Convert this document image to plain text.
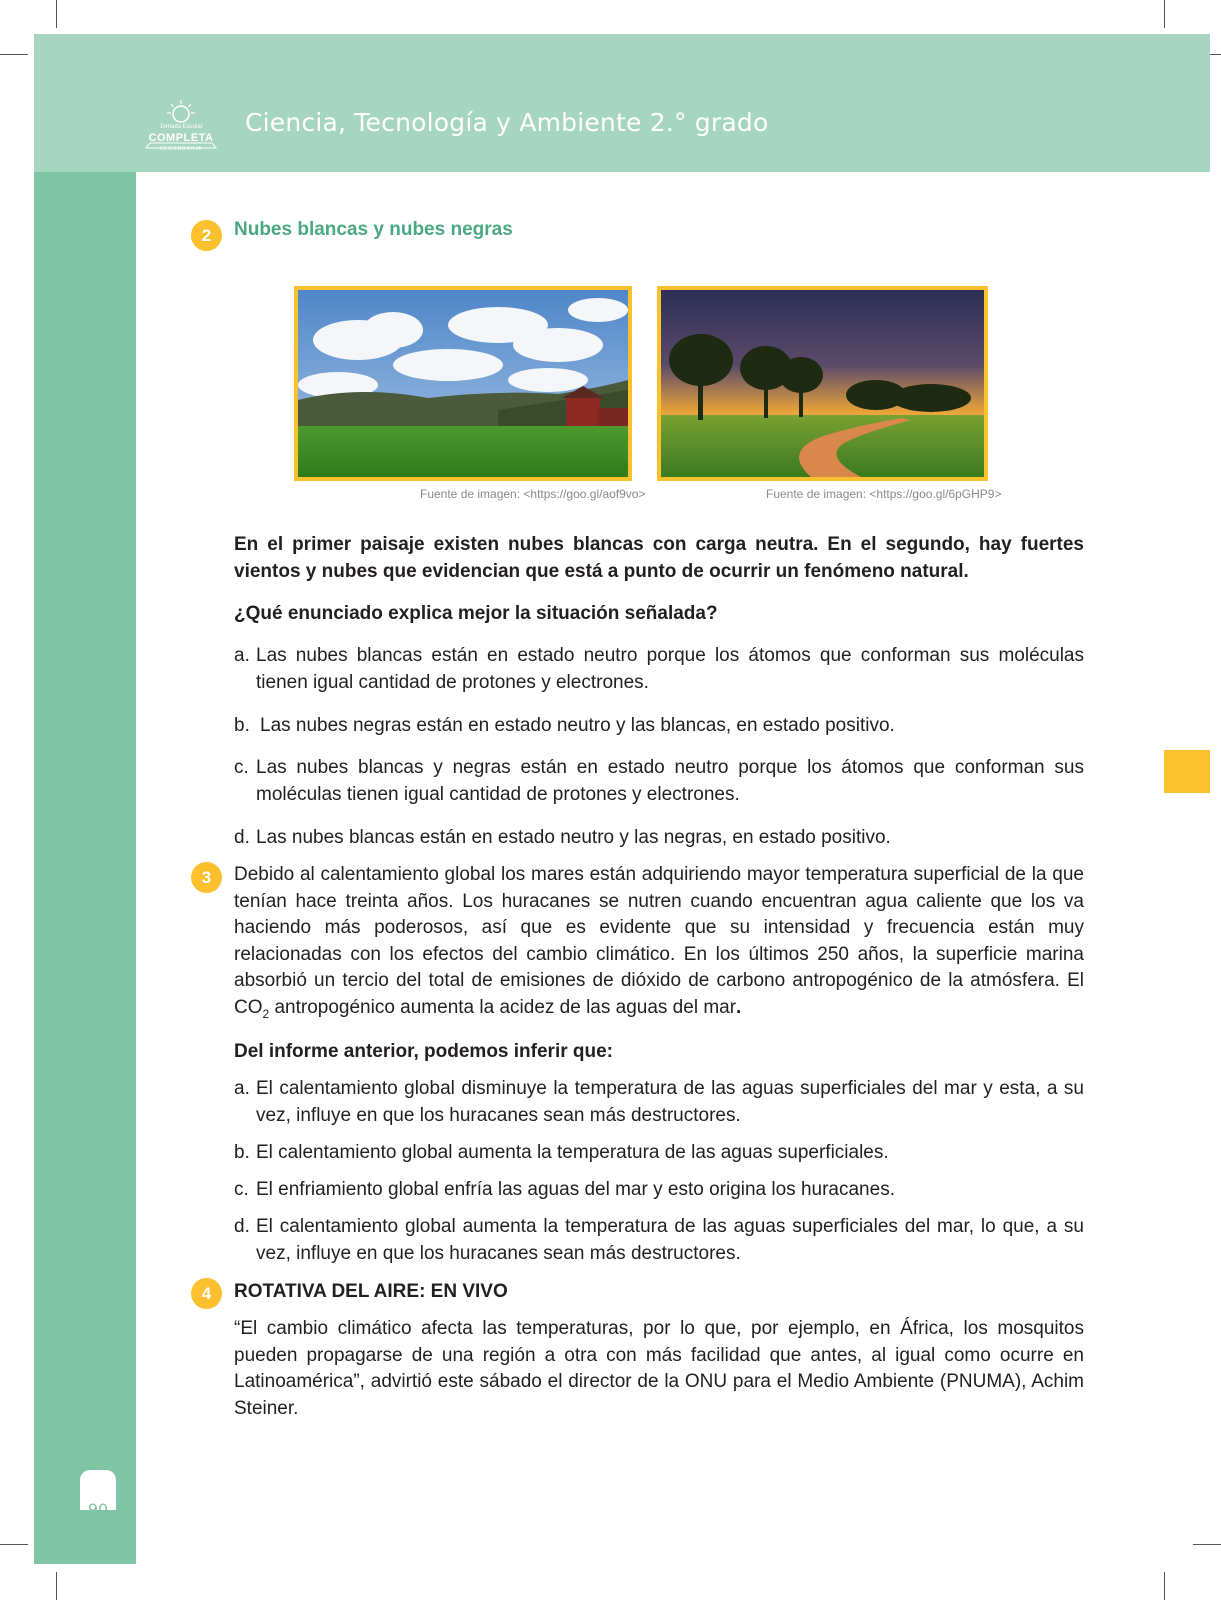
Jornada Escolar
COMPLETA
SECUNDARIA
Ciencia, Tecnología y Ambiente 2.° grado
90
2	Nubes blancas y nubes negras
Fuente de imagen: <https://goo.gl/aof9vo>	Fuente de imagen: <https://goo.gl/6pGHP9>
En el primer paisaje existen nubes blancas con carga neutra. En el segundo, hay fuertes vientos y nubes que evidencian que está a punto de ocurrir un fenómeno natural.
¿Qué enunciado explica mejor la situación señalada?
a. Las nubes blancas están en estado neutro porque los átomos que conforman sus moléculas tienen igual cantidad de protones y electrones.
b. Las nubes negras están en estado neutro y las blancas, en estado positivo.
c. Las nubes blancas y negras están en estado neutro porque los átomos que conforman sus moléculas tienen igual cantidad de protones y electrones.
d. Las nubes blancas están en estado neutro y las negras, en estado positivo.
3	Debido al calentamiento global los mares están adquiriendo mayor temperatura superficial de la que tenían hace treinta años. Los huracanes se nutren cuando encuentran agua caliente que los va haciendo más poderosos, así que es evidente que su intensidad y frecuencia están muy relacionadas con los efectos del cambio climático. En los últimos 250 años, la superficie marina absorbió un tercio del total de emisiones de dióxido de carbono antropogénico de la atmósfera. El $CO_2$ antropogénico aumenta la acidez de las aguas del mar.
Del informe anterior, podemos inferir que:
a. El calentamiento global disminuye la temperatura de las aguas superficiales del mar y esta, a su vez, influye en que los huracanes sean más destructores.
b. El calentamiento global aumenta la temperatura de las aguas superficiales.
c. El enfriamiento global enfría las aguas del mar y esto origina los huracanes.
d. El calentamiento global aumenta la temperatura de las aguas superficiales del mar, lo que, a su vez, influye en que los huracanes sean más destructores.
4	ROTATIVA DEL AIRE: EN VIVO
“El cambio climático afecta las temperaturas, por lo que, por ejemplo, en África, los mosquitos pueden propagarse de una región a otra con más facilidad que antes, al igual como ocurre en Latinoamérica”, advirtió este sábado el director de la ONU para el Medio Ambiente (PNUMA), Achim Steiner.
